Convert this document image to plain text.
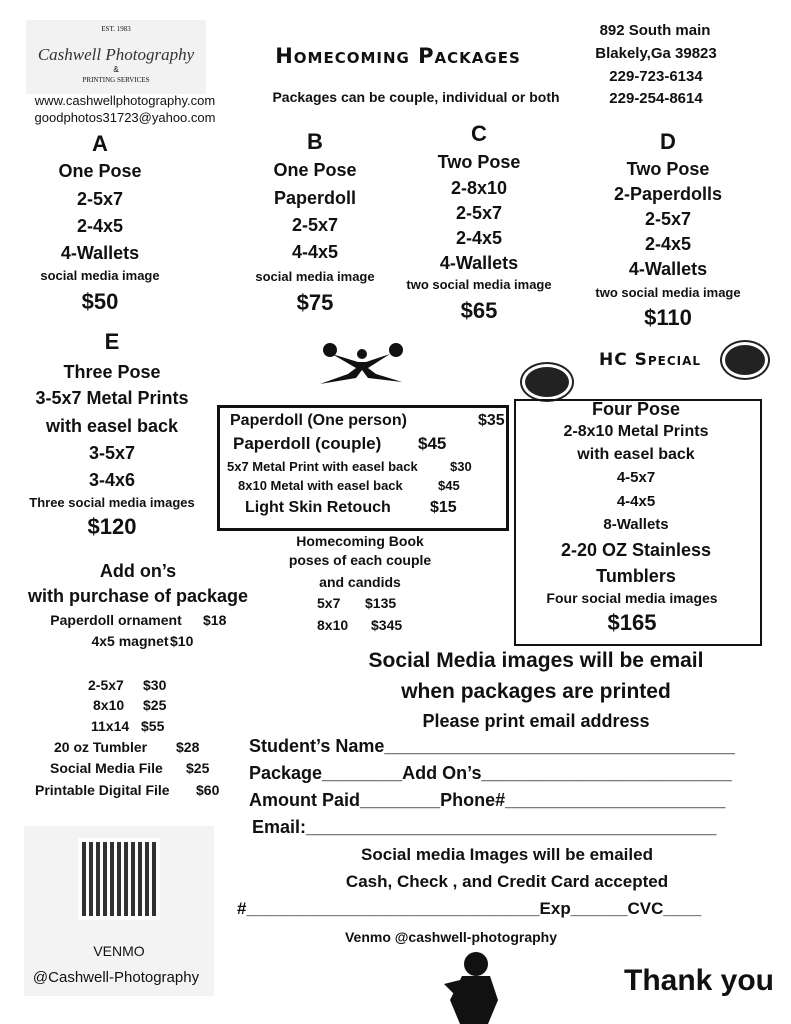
EST. 1983
Cashwell Photography
&
PRINTING SERVICES
www.cashwellphotography.com
goodphotos31723@yahoo.com
Homecoming Packages
Packages can be couple, individual or both
892 South main
Blakely,Ga 39823
229-723-6134
229-254-8614
HC Special
Social Media images will be email
when packages are printed
Please print email address
Student’s Name___________________________________
Package________Add On’s_________________________
Amount Paid________Phone#______________________
Email:_________________________________________
Social media Images will be emailed
Cash, Check , and Credit Card accepted
#_______________________________Exp______CVC____
Venmo @cashwell-photography
VENMO
@Cashwell-Photography	Thank you
A
One Pose
2-5x7
2-4x5
4-Wallets
social media image
$50
B
One Pose
Paperdoll
2-5x7
4-4x5
social media image
$75
C
Two Pose
2-8x10
2-5x7
2-4x5
4-Wallets
two social media image
$65
D
Two Pose
2-Paperdolls
2-5x7
2-4x5
4-Wallets
two social media image
$110
E
Three Pose
3-5x7 Metal Prints
with easel back
3-5x7
3-4x6
Three social media images
$120
Four Pose
2-8x10 Metal Prints
with easel back
4-5x7
4-4x5
8-Wallets
2-20 OZ Stainless
Tumblers
Four social media images
$165
Paperdoll (One person)	$35
Paperdoll (couple) $45
5x7 Metal Print with easel back $30
8x10 Metal with easel back	$45
Light Skin Retouch $15
Homecoming Book
poses of each couple
and candids
5x7 $135
8x10 $345
Add on’s
with purchase of package
Paperdoll ornament $18
4x5 magnet $10
2-5x7 $30
8x10 $25
11x14 $55
20 oz Tumbler $28
Social Media File $25
Printable Digital File $60
